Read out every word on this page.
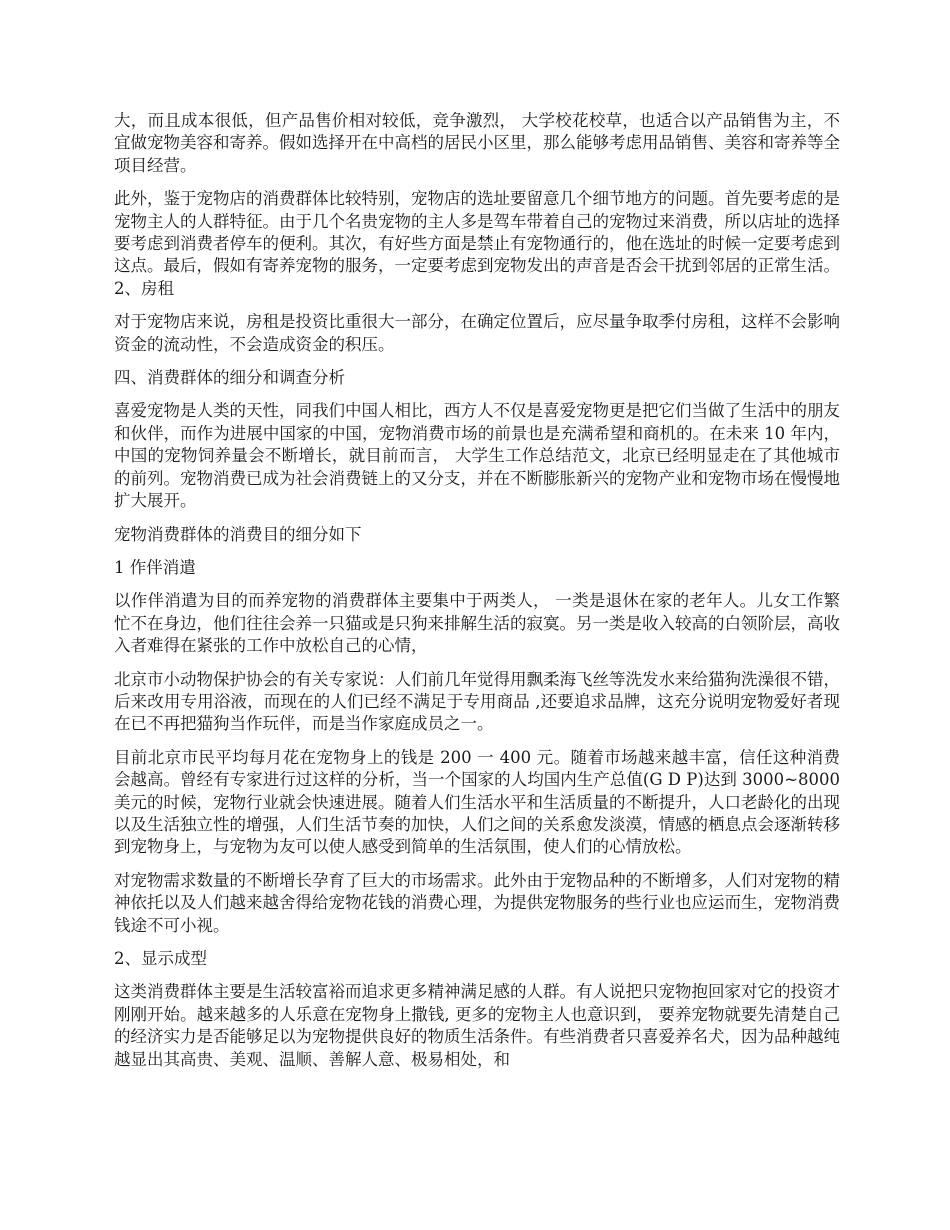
大，而且成本很低，但产品售价相对较低，竞争激烈， 大学校花校草，也适合以产品销售为主，不宜做宠物美容和寄养。假如选择开在中高档的居民小区里，那么能够考虑用品销售、美容和寄养等全项目经营。

此外，鉴于宠物店的消费群体比较特别，宠物店的选址要留意几个细节地方的问题。首先要考虑的是宠物主人的人群特征。由于几个名贵宠物的主人多是驾车带着自己的宠物过来消费，所以店址的选择要考虑到消费者停车的便利。其次，有好些方面是禁止有宠物通行的，他在选址的时候一定要考虑到这点。最后，假如有寄养宠物的服务，一定要考虑到宠物发出的声音是否会干扰到邻居的正常生活。 2、房租

对于宠物店来说，房租是投资比重很大一部分，在确定位置后，应尽量争取季付房租，这样不会影响资金的流动性，不会造成资金的积压。

四、消费群体的细分和调查分析

喜爱宠物是人类的天性，同我们中国人相比，西方人不仅是喜爱宠物更是把它们当做了生活中的朋友和伙伴，而作为进展中国家的中国，宠物消费市场的前景也是充满希望和商机的。在未来 10 年内，中国的宠物饲养量会不断增长，就目前而言， 大学生工作总结范文，北京已经明显走在了其他城市的前列。宠物消费已成为社会消费链上的又分支，并在不断膨胀新兴的宠物产业和宠物市场在慢慢地扩大展开。

宠物消费群体的消费目的细分如下

1 作伴消遣

以作伴消遣为目的而养宠物的消费群体主要集中于两类人， 一类是退休在家的老年人。儿女工作繁忙不在身边，他们往往会养一只猫或是只狗来排解生活的寂寞。另一类是收入较高的白领阶层，高收入者难得在紧张的工作中放松自己的心情，

北京市小动物保护协会的有关专家说：人们前几年觉得用飘柔海飞丝等洗发水来给猫狗洗澡很不错，后来改用专用浴液，而现在的人们已经不满足于专用商品 ,还要追求品牌，这充分说明宠物爱好者现在已不再把猫狗当作玩伴，而是当作家庭成员之一。

目前北京市民平均每月花在宠物身上的钱是 200 一 400 元。随着市场越来越丰富，信任这种消费会越高。曾经有专家进行过这样的分析，当一个国家的人均国内生产总值(G D P)达到 3000~8000 美元的时候，宠物行业就会快速进展。随着人们生活水平和生活质量的不断提升，人口老龄化的出现以及生活独立性的增强，人们生活节奏的加快，人们之间的关系愈发淡漠，情感的栖息点会逐渐转移到宠物身上，与宠物为友可以使人感受到简单的生活氛围，使人们的心情放松。

对宠物需求数量的不断增长孕育了巨大的市场需求。此外由于宠物品种的不断增多，人们对宠物的精神依托以及人们越来越舍得给宠物花钱的消费心理，为提供宠物服务的些行业也应运而生，宠物消费钱途不可小视。

2、显示成型

这类消费群体主要是生活较富裕而追求更多精神满足感的人群。有人说把只宠物抱回家对它的投资才刚刚开始。越来越多的人乐意在宠物身上撒钱, 更多的宠物主人也意识到， 要养宠物就要先清楚自己的经济实力是否能够足以为宠物提供良好的物质生活条件。有些消费者只喜爱养名犬，因为品种越纯越显出其高贵、美观、温顺、善解人意、极易相处，和
